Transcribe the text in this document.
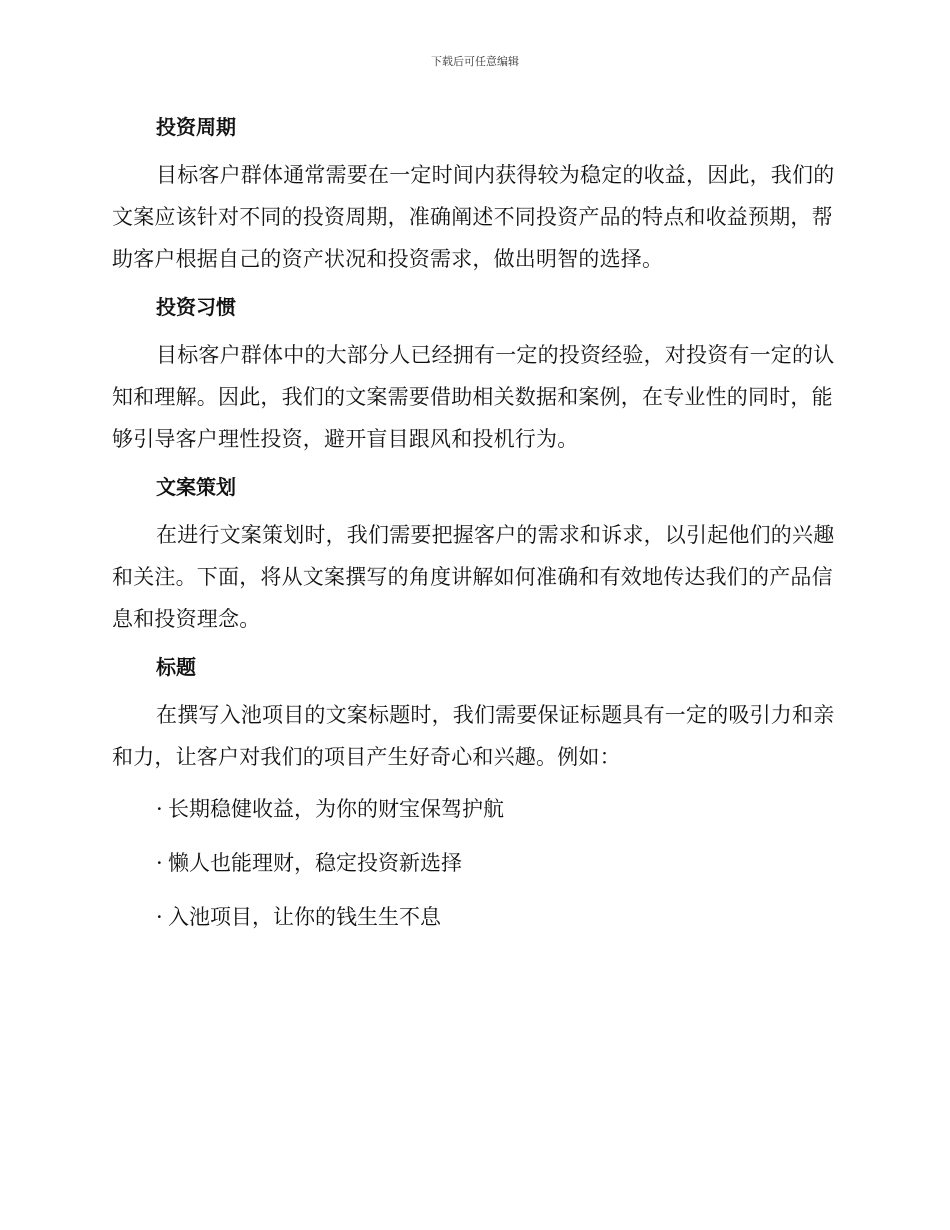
下载后可任意编辑
投资周期

目标客户群体通常需要在一定时间内获得较为稳定的收益，因此，我们的文案应该针对不同的投资周期，准确阐述不同投资产品的特点和收益预期，帮助客户根据自己的资产状况和投资需求，做出明智的选择。

投资习惯

目标客户群体中的大部分人已经拥有一定的投资经验，对投资有一定的认知和理解。因此，我们的文案需要借助相关数据和案例，在专业性的同时，能够引导客户理性投资，避开盲目跟风和投机行为。

文案策划

在进行文案策划时，我们需要把握客户的需求和诉求，以引起他们的兴趣和关注。下面，将从文案撰写的角度讲解如何准确和有效地传达我们的产品信息和投资理念。

标题

在撰写入池项目的文案标题时，我们需要保证标题具有一定的吸引力和亲和力，让客户对我们的项目产生好奇心和兴趣。例如：

· 长期稳健收益，为你的财宝保驾护航
· 懒人也能理财，稳定投资新选择
· 入池项目，让你的钱生生不息
